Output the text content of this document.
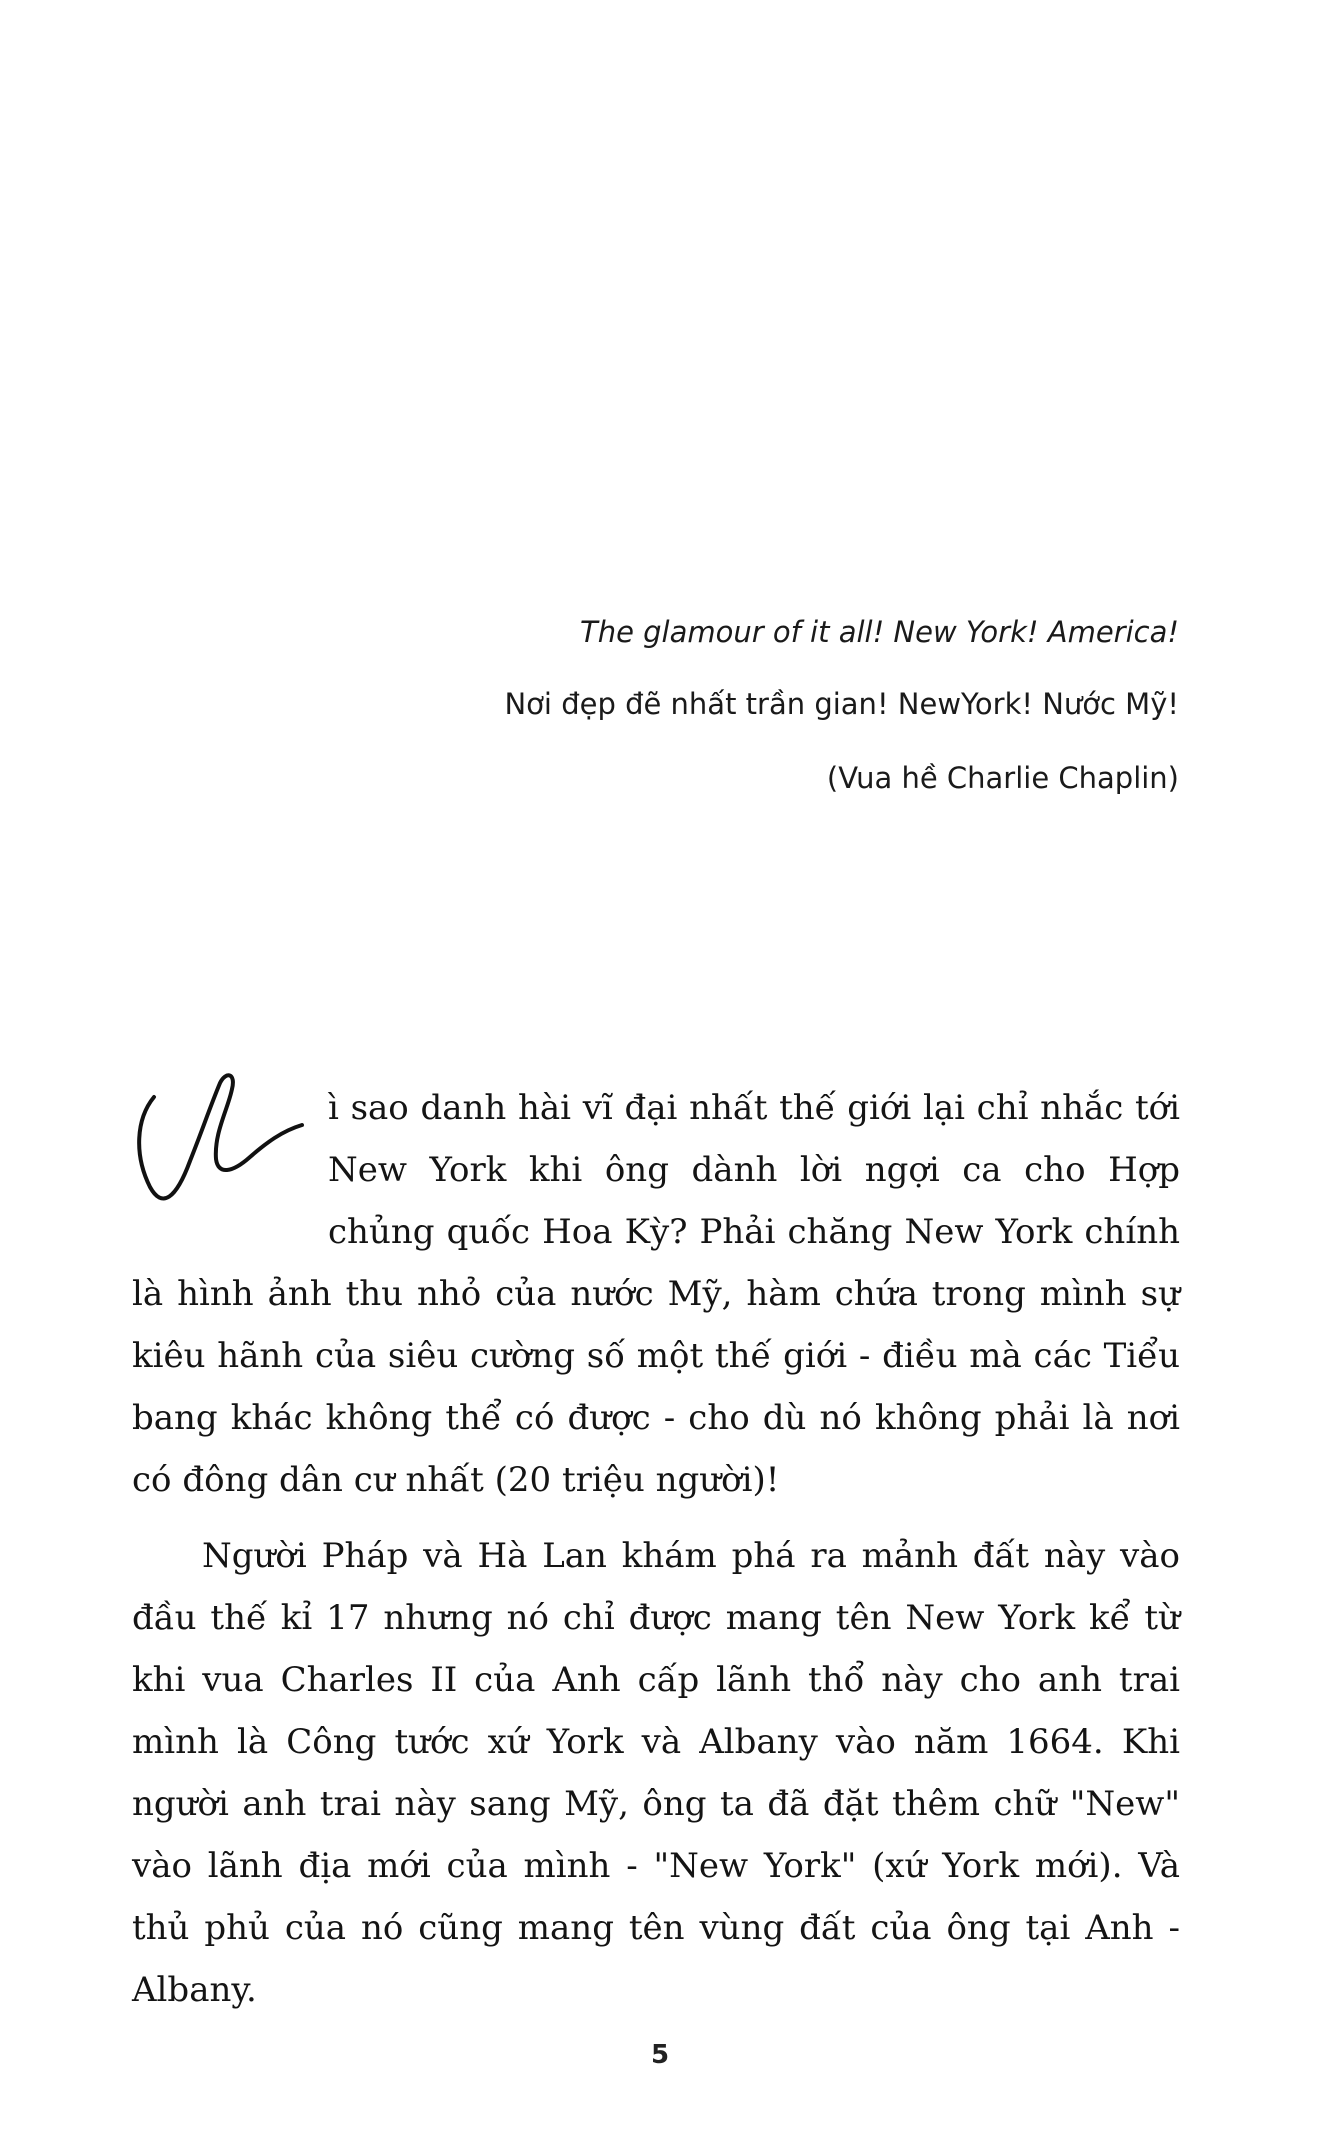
The glamour of it all! New York! America!
Nơi đẹp đẽ nhất trần gian! NewYork! Nước Mỹ!
(Vua hề Charlie Chaplin)

ì sao danh hài vĩ đại nhất thế giới lại chỉ nhắc tới New York khi ông dành lời ngợi ca cho Hợp chủng quốc Hoa Kỳ? Phải chăng New York chính là hình ảnh thu nhỏ của nước Mỹ, hàm chứa trong mình sự kiêu hãnh của siêu cường số một thế giới - điều mà các Tiểu bang khác không thể có được - cho dù nó không phải là nơi có đông dân cư nhất (20 triệu người)!

Người Pháp và Hà Lan khám phá ra mảnh đất này vào đầu thế kỉ 17 nhưng nó chỉ được mang tên New York kể từ khi vua Charles II của Anh cấp lãnh thổ này cho anh trai mình là Công tước xứ York và Albany vào năm 1664. Khi người anh trai này sang Mỹ, ông ta đã đặt thêm chữ "New" vào lãnh địa mới của mình - "New York" (xứ York mới). Và thủ phủ của nó cũng mang tên vùng đất của ông tại Anh - Albany.

5
